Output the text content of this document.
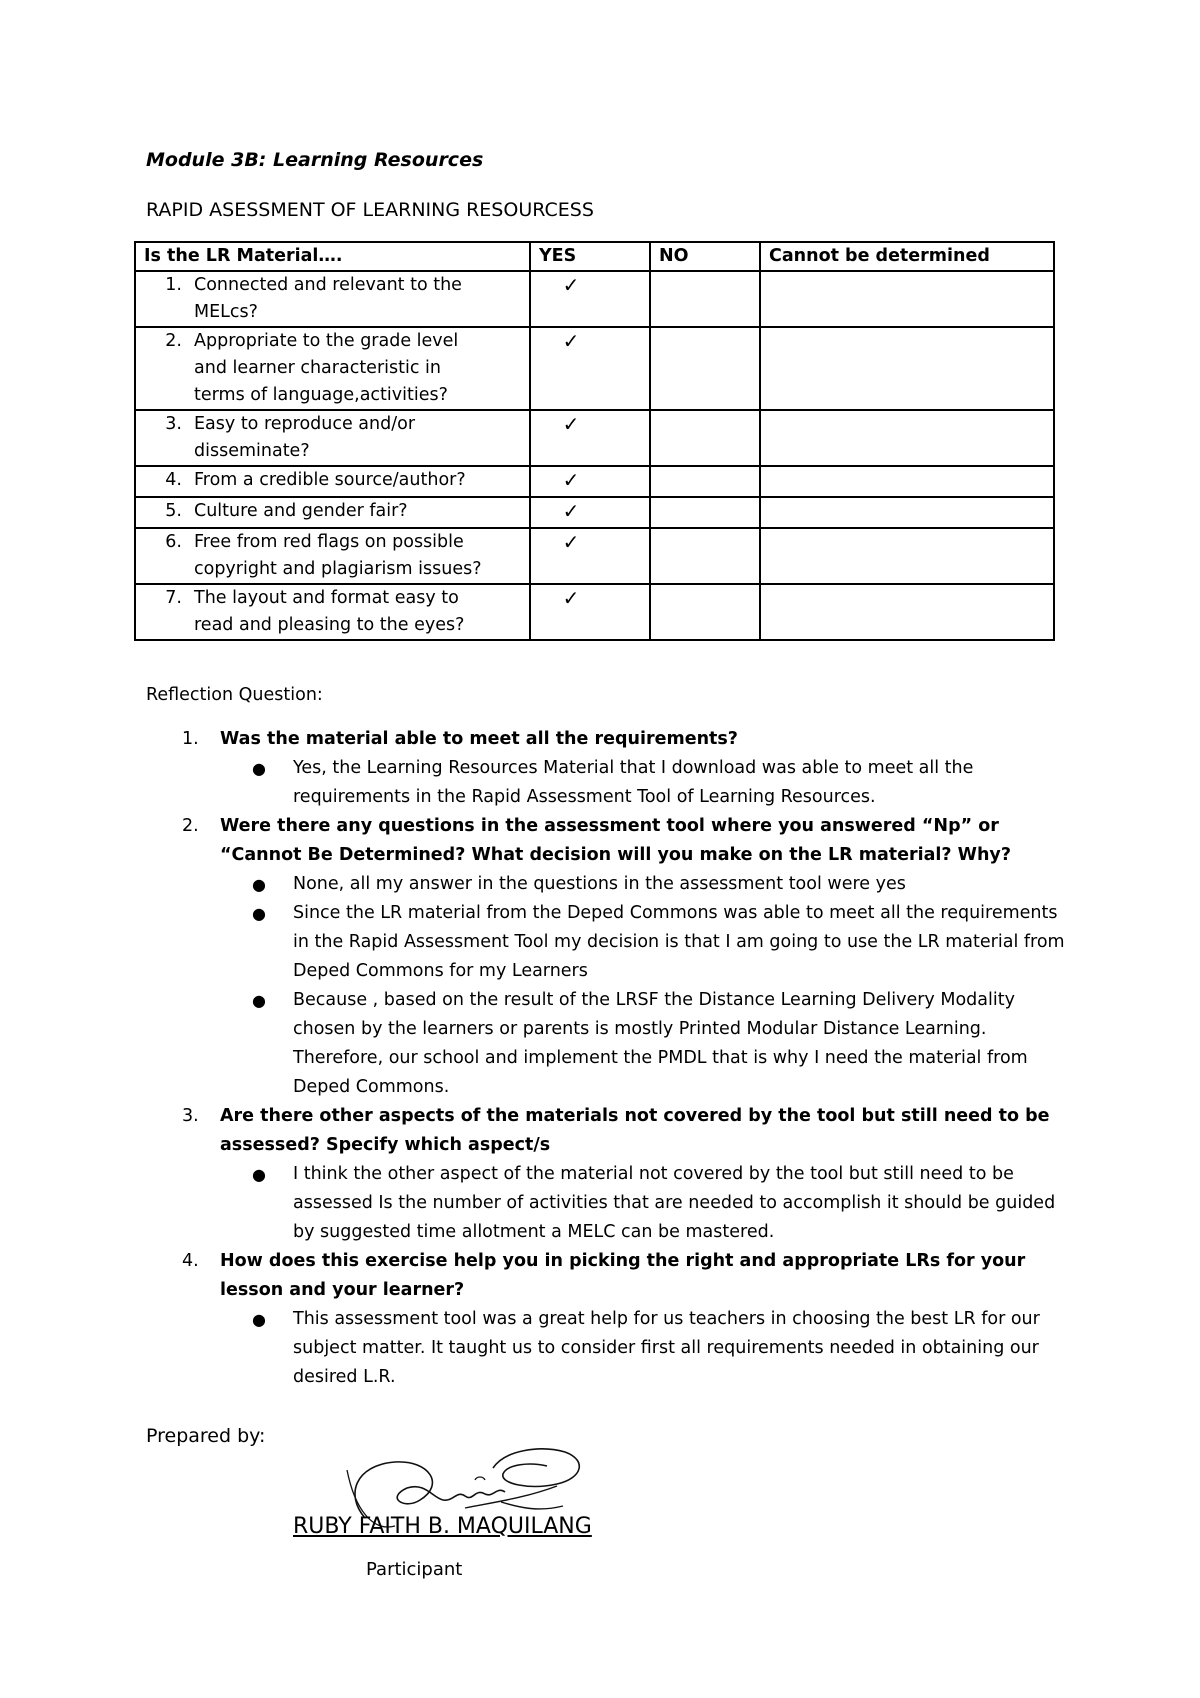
Module 3B: Learning Resources
RAPID ASESSMENT OF LEARNING RESOURCESS
Is the LR Material….	YES	NO	Cannot be determined
1. Connected and relevant to the MELcs?	✓		
2. Appropriate to the grade level and learner characteristic in terms of language,activities?	✓		
3. Easy to reproduce and/or disseminate?	✓		
4. From a credible source/author?	✓		
5. Culture and gender fair?	✓		
6. Free from red flags on possible copyright and plagiarism issues?	✓		
7. The layout and format easy to read and pleasing to the eyes?	✓		
Reflection Question:
1.	Was the material able to meet all the requirements?
● Yes, the Learning Resources Material that I download was able to meet all the requirements in the Rapid Assessment Tool of Learning Resources.
2.	Were there any questions in the assessment tool where you answered “Np” or “Cannot Be Determined? What decision will you make on the LR material? Why?
● None, all my answer in the questions in the assessment tool were yes
● Since the LR material from the Deped Commons was able to meet all the requirements in the Rapid Assessment Tool my decision is that I am going to use the LR material from Deped Commons for my Learners
● Because , based on the result of the LRSF the Distance Learning Delivery Modality chosen by the learners or parents is mostly Printed Modular Distance Learning. Therefore, our school and implement the PMDL that is why I need the material from Deped Commons.
3.	Are there other aspects of the materials not covered by the tool but still need to be assessed? Specify which aspect/s
● I think the other aspect of the material not covered by the tool but still need to be assessed Is the number of activities that are needed to accomplish it should be guided by suggested time allotment a MELC can be mastered.
4.	How does this exercise help you in picking the right and appropriate LRs for your lesson and your learner?
● This assessment tool was a great help for us teachers in choosing the best LR for our subject matter. It taught us to consider first all requirements needed in obtaining our desired L.R.
Prepared by:
RUBY FAITH B. MAQUILANG
Participant
